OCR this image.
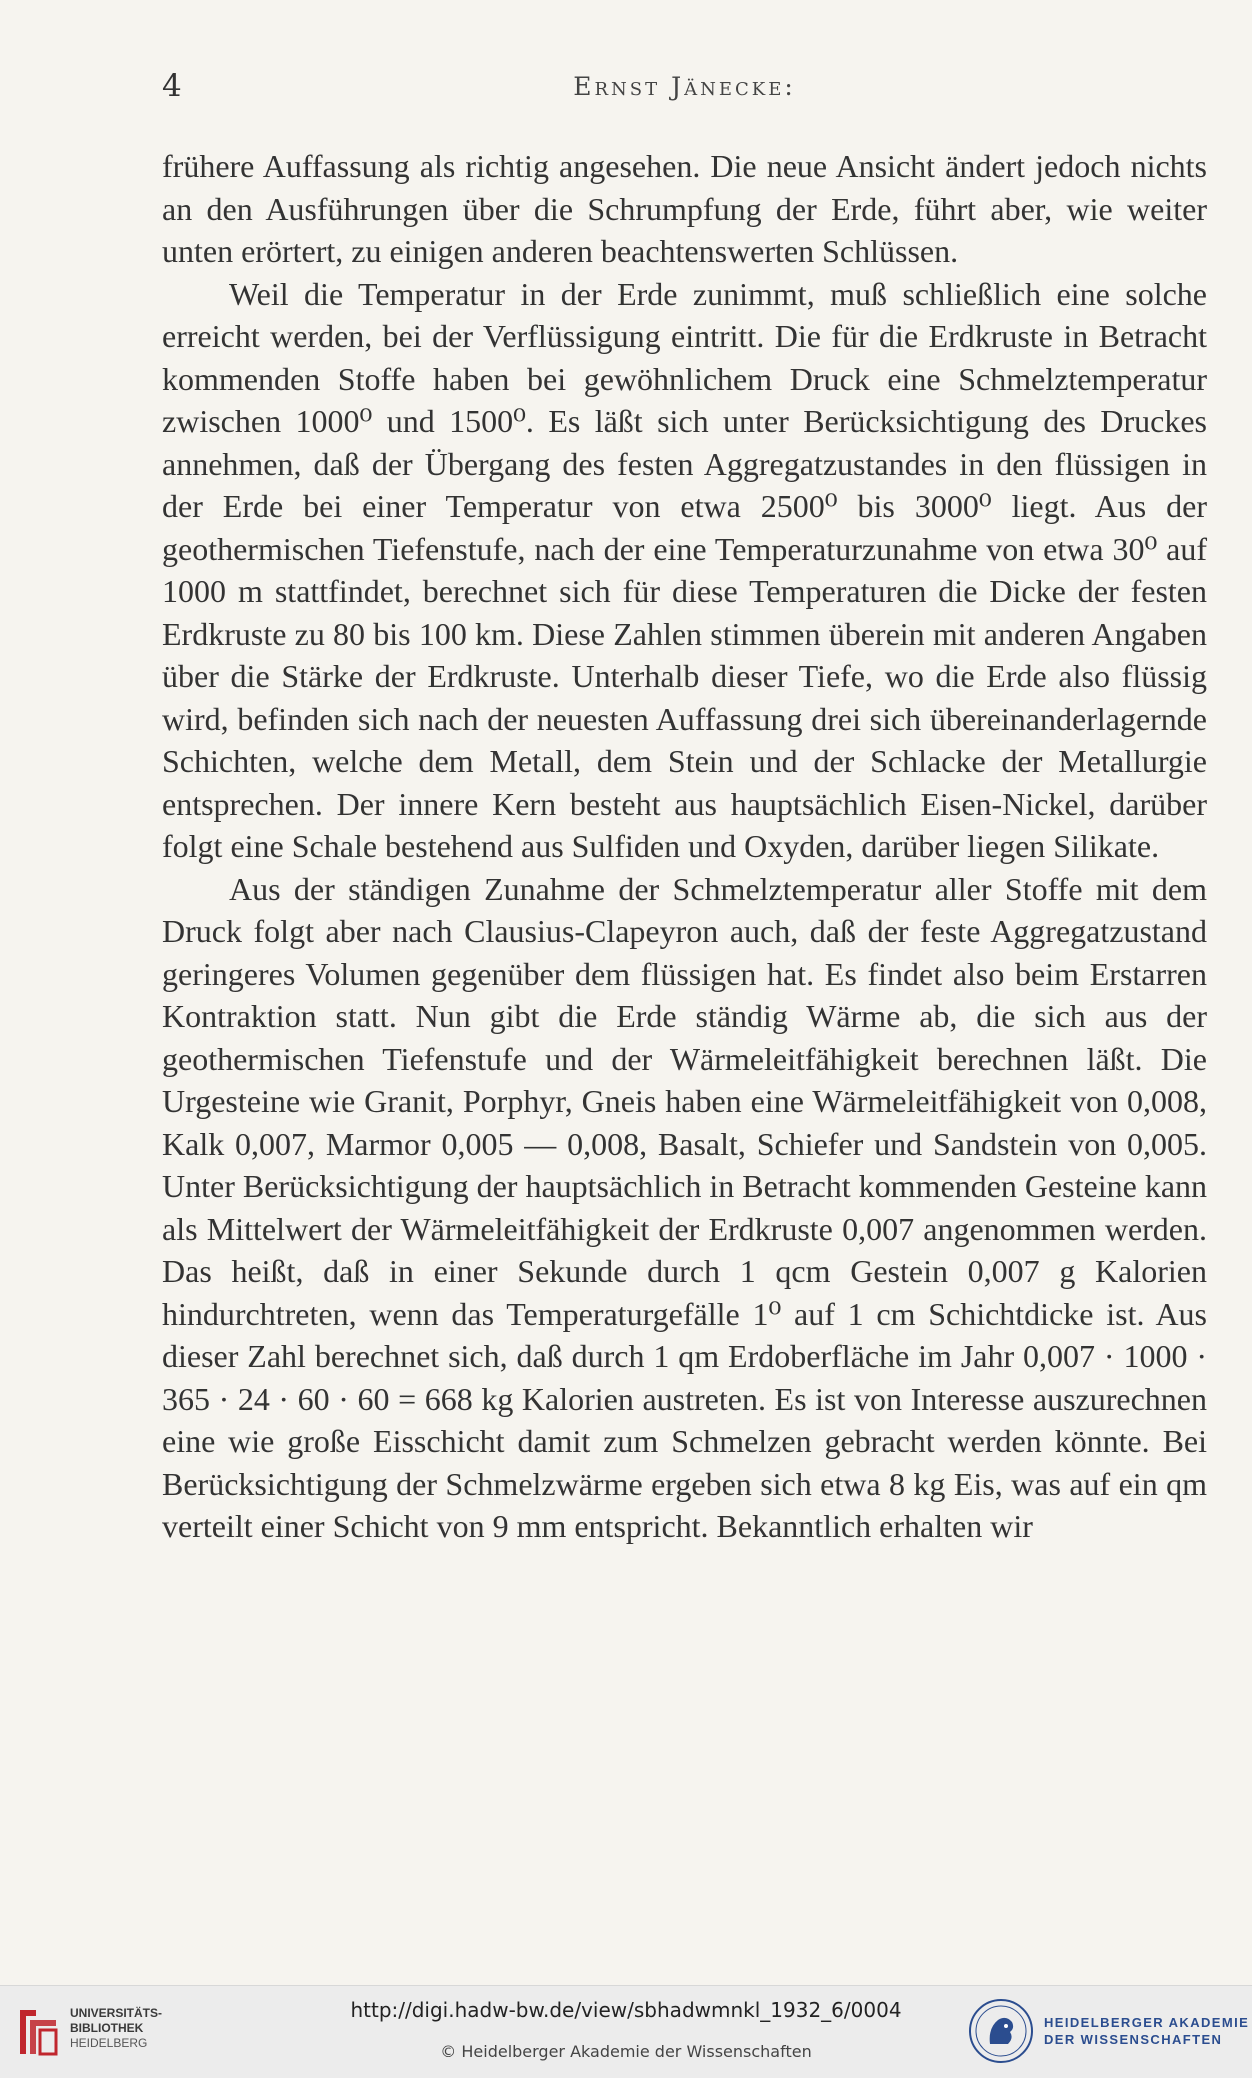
4	Ernst Jänecke:

frühere Auffassung als richtig angesehen. Die neue Ansicht ändert jedoch nichts an den Ausführungen über die Schrumpfung der Erde, führt aber, wie weiter unten erörtert, zu einigen anderen beachtenswerten Schlüssen.

Weil die Temperatur in der Erde zunimmt, muß schließlich eine solche erreicht werden, bei der Verflüssigung eintritt. Die für die Erdkruste in Betracht kommenden Stoffe haben bei gewöhnlichem Druck eine Schmelztemperatur zwischen 1000⁰ und 1500⁰. Es läßt sich unter Berücksichtigung des Druckes annehmen, daß der Übergang des festen Aggregatzustandes in den flüssigen in der Erde bei einer Temperatur von etwa 2500⁰ bis 3000⁰ liegt. Aus der geothermischen Tiefenstufe, nach der eine Temperaturzunahme von etwa 30⁰ auf 1000 m stattfindet, berechnet sich für diese Temperaturen die Dicke der festen Erdkruste zu 80 bis 100 km. Diese Zahlen stimmen überein mit anderen Angaben über die Stärke der Erdkruste. Unterhalb dieser Tiefe, wo die Erde also flüssig wird, befinden sich nach der neuesten Auffassung drei sich übereinanderlagernde Schichten, welche dem Metall, dem Stein und der Schlacke der Metallurgie entsprechen. Der innere Kern besteht aus hauptsächlich Eisen-Nickel, darüber folgt eine Schale bestehend aus Sulfiden und Oxyden, darüber liegen Silikate.

Aus der ständigen Zunahme der Schmelztemperatur aller Stoffe mit dem Druck folgt aber nach Clausius-Clapeyron auch, daß der feste Aggregatzustand geringeres Volumen gegenüber dem flüssigen hat. Es findet also beim Erstarren Kontraktion statt. Nun gibt die Erde ständig Wärme ab, die sich aus der geothermischen Tiefenstufe und der Wärmeleitfähigkeit berechnen läßt. Die Urgesteine wie Granit, Porphyr, Gneis haben eine Wärmeleitfähigkeit von 0,008, Kalk 0,007, Marmor 0,005 — 0,008, Basalt, Schiefer und Sandstein von 0,005. Unter Berücksichtigung der hauptsächlich in Betracht kommenden Gesteine kann als Mittelwert der Wärmeleitfähigkeit der Erdkruste 0,007 angenommen werden. Das heißt, daß in einer Sekunde durch 1 qcm Gestein 0,007 g Kalorien hindurchtreten, wenn das Temperaturgefälle 1⁰ auf 1 cm Schichtdicke ist. Aus dieser Zahl berechnet sich, daß durch 1 qm Erdoberfläche im Jahr 0,007 · 1000 · 365 · 24 · 60 · 60 = 668 kg Kalorien austreten. Es ist von Interesse auszurechnen eine wie große Eisschicht damit zum Schmelzen gebracht werden könnte. Bei Berücksichtigung der Schmelzwärme ergeben sich etwa 8 kg Eis, was auf ein qm verteilt einer Schicht von 9 mm entspricht. Bekanntlich erhalten wir

UNIVERSITÄTS-
BIBLIOTHEK
HEIDELBERG
http://digi.hadw-bw.de/view/sbhadwmnkl_1932_6/0004
© Heidelberger Akademie der Wissenschaften
HEIDELBERGER AKADEMIE
DER WISSENSCHAFTEN
